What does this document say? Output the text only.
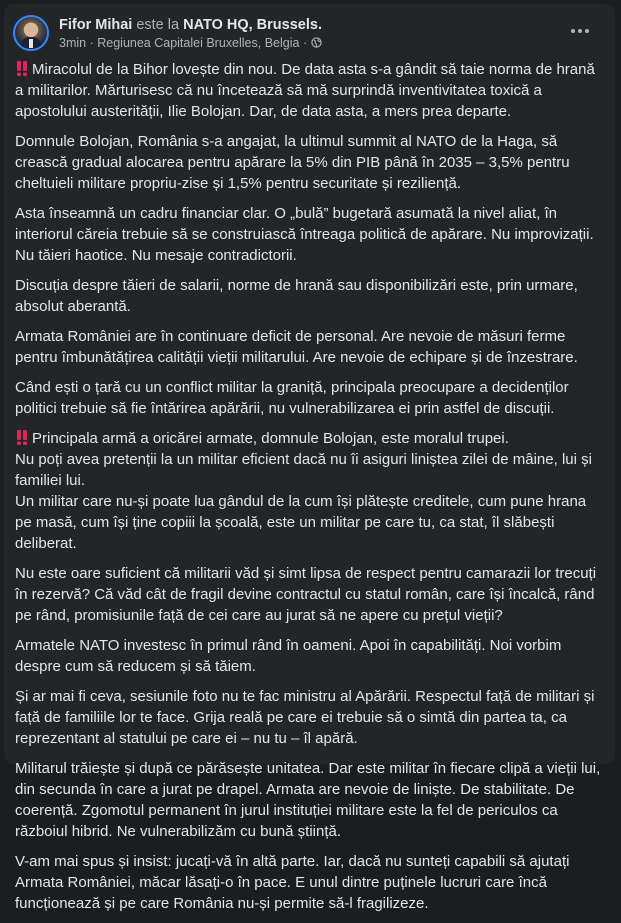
Fifor Mihai este la NATO HQ, Brussels.
3min · Regiunea Capitalei Bruxelles, Belgia ·

Miracolul de la Bihor lovește din nou. De data asta s-a gândit să taie norma de hrană a militarilor. Mărturisesc că nu încetează să mă surprindă inventivitatea toxică a apostolului austerității, Ilie Bolojan. Dar, de data asta, a mers prea departe.

Domnule Bolojan, România s-a angajat, la ultimul summit al NATO de la Haga, să crească gradual alocarea pentru apărare la 5% din PIB până în 2035 – 3,5% pentru cheltuieli militare propriu-zise și 1,5% pentru securitate și reziliență.

Asta înseamnă un cadru financiar clar. O „bulă” bugetară asumată la nivel aliat, în interiorul căreia trebuie să se construiască întreaga politică de apărare. Nu improvizații. Nu tăieri haotice. Nu mesaje contradictorii.

Discuția despre tăieri de salarii, norme de hrană sau disponibilizări este, prin urmare, absolut aberantă.

Armata României are în continuare deficit de personal. Are nevoie de măsuri ferme pentru îmbunătățirea calității vieții militarului. Are nevoie de echipare și de înzestrare.

Când ești o țară cu un conflict militar la graniță, principala preocupare a decidenților politici trebuie să fie întărirea apărării, nu vulnerabilizarea ei prin astfel de discuții.

Principala armă a oricărei armate, domnule Bolojan, este moralul trupei.
Nu poți avea pretenții la un militar eficient dacă nu îi asiguri liniștea zilei de mâine, lui și familiei lui.
Un militar care nu-și poate lua gândul de la cum își plătește creditele, cum pune hrana pe masă, cum își ține copiii la școală, este un militar pe care tu, ca stat, îl slăbești deliberat.

Nu este oare suficient că militarii văd și simt lipsa de respect pentru camarazii lor trecuți în rezervă? Că văd cât de fragil devine contractul cu statul român, care își încalcă, rând pe rând, promisiunile față de cei care au jurat să ne apere cu prețul vieții?

Armatele NATO investesc în primul rând în oameni. Apoi în capabilități. Noi vorbim despre cum să reducem și să tăiem.

Și ar mai fi ceva, sesiunile foto nu te fac ministru al Apărării. Respectul față de militari și față de familiile lor te face. Grija reală pe care ei trebuie să o simtă din partea ta, ca reprezentant al statului pe care ei – nu tu – îl apără.

Militarul trăiește și după ce părăsește unitatea. Dar este militar în fiecare clipă a vieții lui, din secunda în care a jurat pe drapel. Armata are nevoie de liniște. De stabilitate. De coerență. Zgomotul permanent în jurul instituției militare este la fel de periculos ca războiul hibrid. Ne vulnerabilizăm cu bună știință.

V-am mai spus și insist: jucați-vă în altă parte. Iar, dacă nu sunteți capabili să ajutați Armata României, măcar lăsați-o în pace. E unul dintre puținele lucruri care încă funcționează și pe care România nu-și permite să-l fragilizeze.
